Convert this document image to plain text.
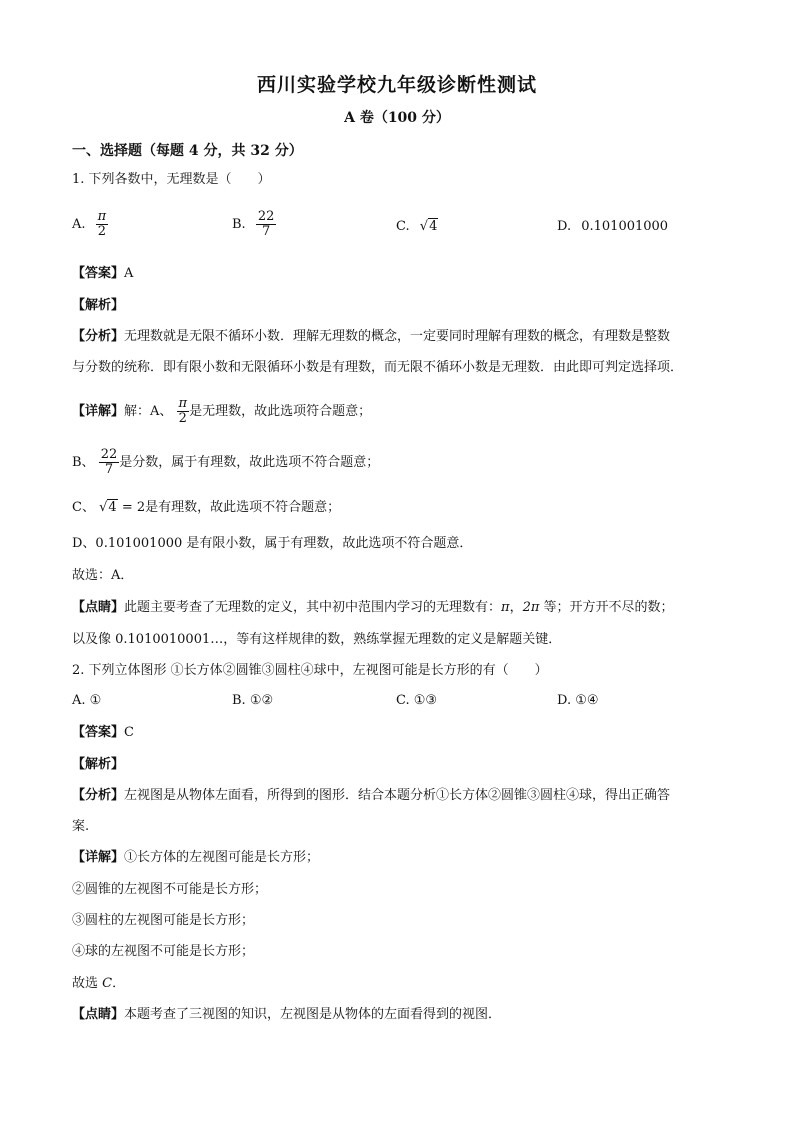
西川实验学校九年级诊断性测试
A 卷（100 分）
一、选择题（每题 4 分，共 32 分）
1. 下列各数中，无理数是（　　）
A. $\frac{\pi}{2}$	B. $\frac{22}{7}$	C. √4	D. 0.101001000
【答案】A
【解析】
【分析】无理数就是无限不循环小数．理解无理数的概念，一定要同时理解有理数的概念，有理数是整数
与分数的统称．即有限小数和无限循环小数是有理数，而无限不循环小数是无理数．由此即可判定选择项．
【详解】解：A、 $\frac{\pi}{2}$ 是无理数，故此选项符合题意；
B、 $\frac{22}{7}$ 是分数，属于有理数，故此选项不符合题意；
C、 √4 = 2是有理数，故此选项不符合题意；
D、0.101001000 是有限小数，属于有理数，故此选项不符合题意．
故选：A．
【点睛】此题主要考查了无理数的定义，其中初中范围内学习的无理数有：π，2π 等；开方开不尽的数；
以及像 0.1010010001…，等有这样规律的数，熟练掌握无理数的定义是解题关键．
2. 下列立体图形 ①长方体②圆锥③圆柱④球中，左视图可能是长方形的有（　　）
A. ①	B. ①②	C. ①③	D. ①④
【答案】C
【解析】
【分析】左视图是从物体左面看，所得到的图形．结合本题分析①长方体②圆锥③圆柱④球，得出正确答
案.
【详解】①长方体的左视图可能是长方形；
②圆锥的左视图不可能是长方形；
③圆柱的左视图可能是长方形；
④球的左视图不可能是长方形；
故选 C．
【点睛】本题考查了三视图的知识，左视图是从物体的左面看得到的视图．
